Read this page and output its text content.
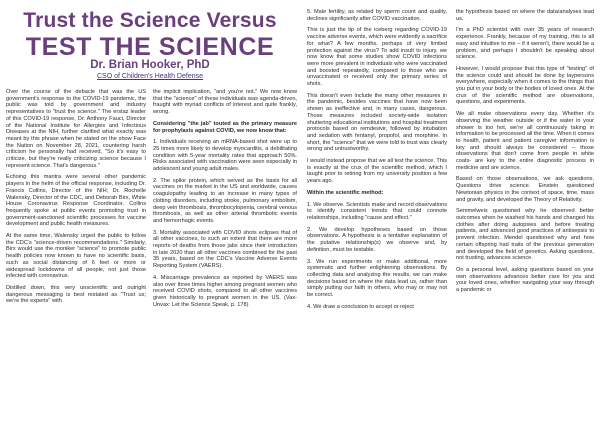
Trust the Science Versus
TEST THE SCIENCE
Dr. Brian Hooker, PhD
CSO of Children's Health Defense

Over the course of the debacle that was the US government's response to the COVID-19 pandemic, the public was told by government and industry representatives to "trust the science." The erstaz leader of this COVID-19 response, Dr. Anthony Fauci, Director of the National Institute for Allergies and Infectious Diseases at the NIH, further clarified what exactly was meant by this phrase when he stated on the show Face the Nation on November 28, 2021, countering harsh criticism he personally had received, "So it's easy to criticize, but they're really criticizing science because I represent science. That's dangerous."

Echoing this mantra were several other pandemic players in the helm of the official response, including Dr. Francis Collins, Director of the NIH; Dr. Rochelle Walensky, Director of the CDC, and Deborah Birx, White House Coronavirus Response Coordinator. Collins frequently spoke at public events promoting trust in government-sanctioned scientific processes for vaccine development and public health measures.

At the same time, Walensky urged the public to follow the CDC's "science-driven recommendations." Similarly, Birx would use the moniker "science" to promote public health policies now known to have no scientific basis, such as social distancing of 6 feet or more or widespread lockdowns of all people, not just those infected with coronavirus.

Distilled down, this very unscientific and outright dangerous messaging is best restated as "Trust us; we're the experts" with

the implicit implication, "and you're not." We now know that the "science" of these individuals was agenda-driven, fraught with myriad conflicts of interest and quite frankly, wrong.

Considering "the jab" touted as the primary measure for prophylaxis against COVID, we now know that:

1. Individuals receiving an mRNA-based shot were up to 25 times more likely to develop myocarditis, a debilitating condition with 5-year mortality rates that approach 50%. Risks associated with vaccination were seen especially in adolescent and young adult males.

2. The spike protein, which served as the basis for all vaccines on the market in the US and worldwide, causes coagulopathy leading to an increase in many types of clotting disorders, including stroke, pulmonary embolism, deep vein thrombosis, thrombocytopenia, cerebral venous thrombosis, as well as other arterial thrombotic events and hemorrhagic events.

3. Mortality associated with COVID shots eclipses that of all other vaccines, to such an extent that there are more reports of deaths from those jabs since their introduction in late 2020 than all other vaccines combined for the past 35 years, based on the CDC's Vaccine Adverse Events Reporting System (VAERS).

4. Miscarriage prevalence as reported by VAERS was also over three times higher among pregnant women who received COVID shots, compared to all other vaccines given historically to pregnant women in the US. (Vax-Unvax: Let the Science Speak, p. 178)

5. Male fertility, as related by sperm count and quality, declines significantly after COVID vaccination.

This is just the tip of the iceberg regarding COVID-19 vaccine adverse events, which were evidently a sacrifice for what? A few months, perhaps of very limited protection against the virus? To add insult to injury, we now know that some studies show COVID infections were more prevalent in individuals who were vaccinated and boosted repeatedly, compared to those who are unvaccinated or received only the primary series of shots.

This doesn't even include the many other measures in the pandemic, besides vaccines that have now been shown as ineffective and, in many cases, dangerous. Those measures included society-wide isolation shuttering educational institutions and hospital treatment protocols based on remdesivir, followed by intubation and sedation with fentanyl, propofol, and morphine. In short, the "science" that we were told to trust was clearly wrong and untrustworthy.

I would instead propose that we all test the science. This is exactly at the crux of the scientific method, which I taught prior to retiring from my university position a few years ago.

Within the scientific method:

1. We observe. Scientists make and record observations to identify consistent trends that could connote relationships, including "cause and effect."

2. We develop hypotheses based on those observations. A hypothesis is a tentative explanation of the putative relationship(s) we observe and, by definition, must be testable.

3. We run experiments or make additional, more systematic and further enlightening observations. By collecting data and analyzing the results, we can make decisions based on where the data lead us, rather than simply putting our faith in others, who may or may not be correct.

4. We draw a conclusion to accept or reject

the hypothesis based on where the data/analyses lead us.

I'm a PhD scientist with over 35 years of research experience. Frankly, because of my training, this is all easy and intuitive to me – if it weren't, there would be a problem, and perhaps I shouldn't be speaking about science.

However, I would propose that this type of "testing" of the science could and should be done by laypersons everywhere, especially when it comes to the things that you put in your body or the bodies of loved ones. At the crux of the scientific method are observations, questions, and experiments.

We all make observations every day. Whether it's observing the weather outside or if the water in your shower is too hot, we're all continuously taking in information to be processed all the time. When it comes to health, patient and patient caregiver information is key and should always be considered – those observations that don't come from people in white coats- are key to the entire diagnostic process in medicine and are science.

Based on those observations, we ask questions. Questions drive science. Einstein questioned Newtonian physics in the context of space, time, mass and gravity, and developed the Theory of Relativity.

Semmelweis questioned why he observed better outcomes when he washed his hands and changed his clothes after doing autopsies and before treating patients, and advanced good practices of antisepsis to prevent infection. Mendel questioned why and how certain offspring had traits of the previous generation and developed the field of genetics. Asking questions, not trusting, advances science.

On a personal level, asking questions based on your own observations advances better care for you and your loved ones, whether navigating your way through a pandemic or
